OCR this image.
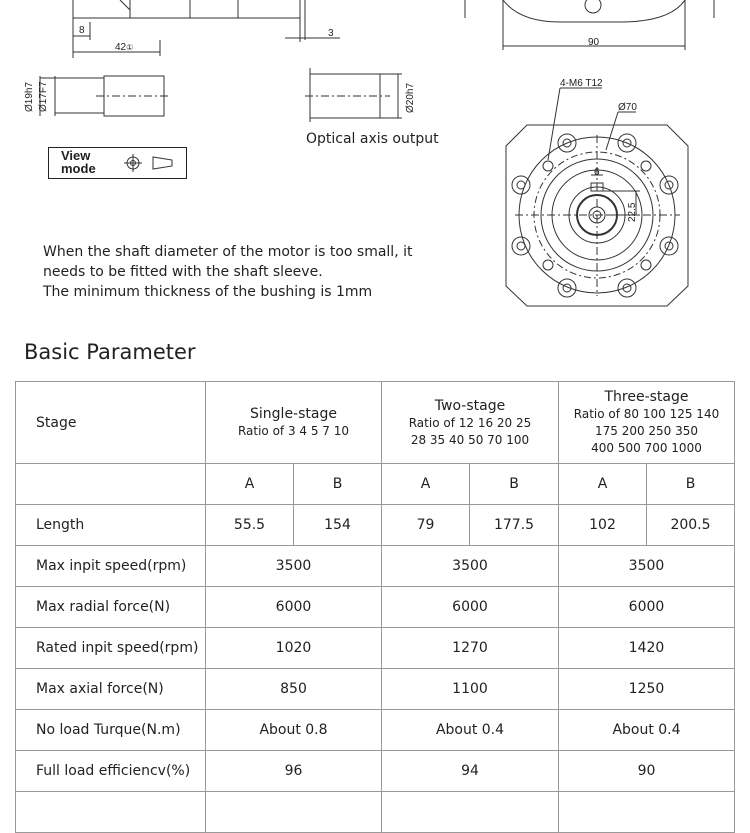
8
42①
3
90
Ø19h7 Ø17F7	Ø20h7	4-M6 T12
Ø70
6
22.5
Optical axis output
View
mode
When the shaft diameter of the motor is too small, it
needs to be fitted with the shaft sleeve.
The minimum thickness of the bushing is 1mm
Basic Parameter
Stage	Single-stage
Ratio of 3 4 5 7 10		Two-stage
Ratio of 12 16 20 25
28 35 40 50 70 100		Three-stage
Ratio of 80 100 125 140
175 200 250 350
400 500 700 1000	

	A	B	A	B	A	B
Length	55.5	154	79	177.5	102	200.5
Max inpit speed(rpm)	3500		3500		3500	
Max radial force(N)	6000		6000		6000	
Rated inpit speed(rpm)	1020		1270		1420	
Max axial force(N)	850		1100		1250	
No load Turque(N.m)	About 0.8		About 0.4		About 0.4	
Full load efficiencv(%)	96		94		90	
